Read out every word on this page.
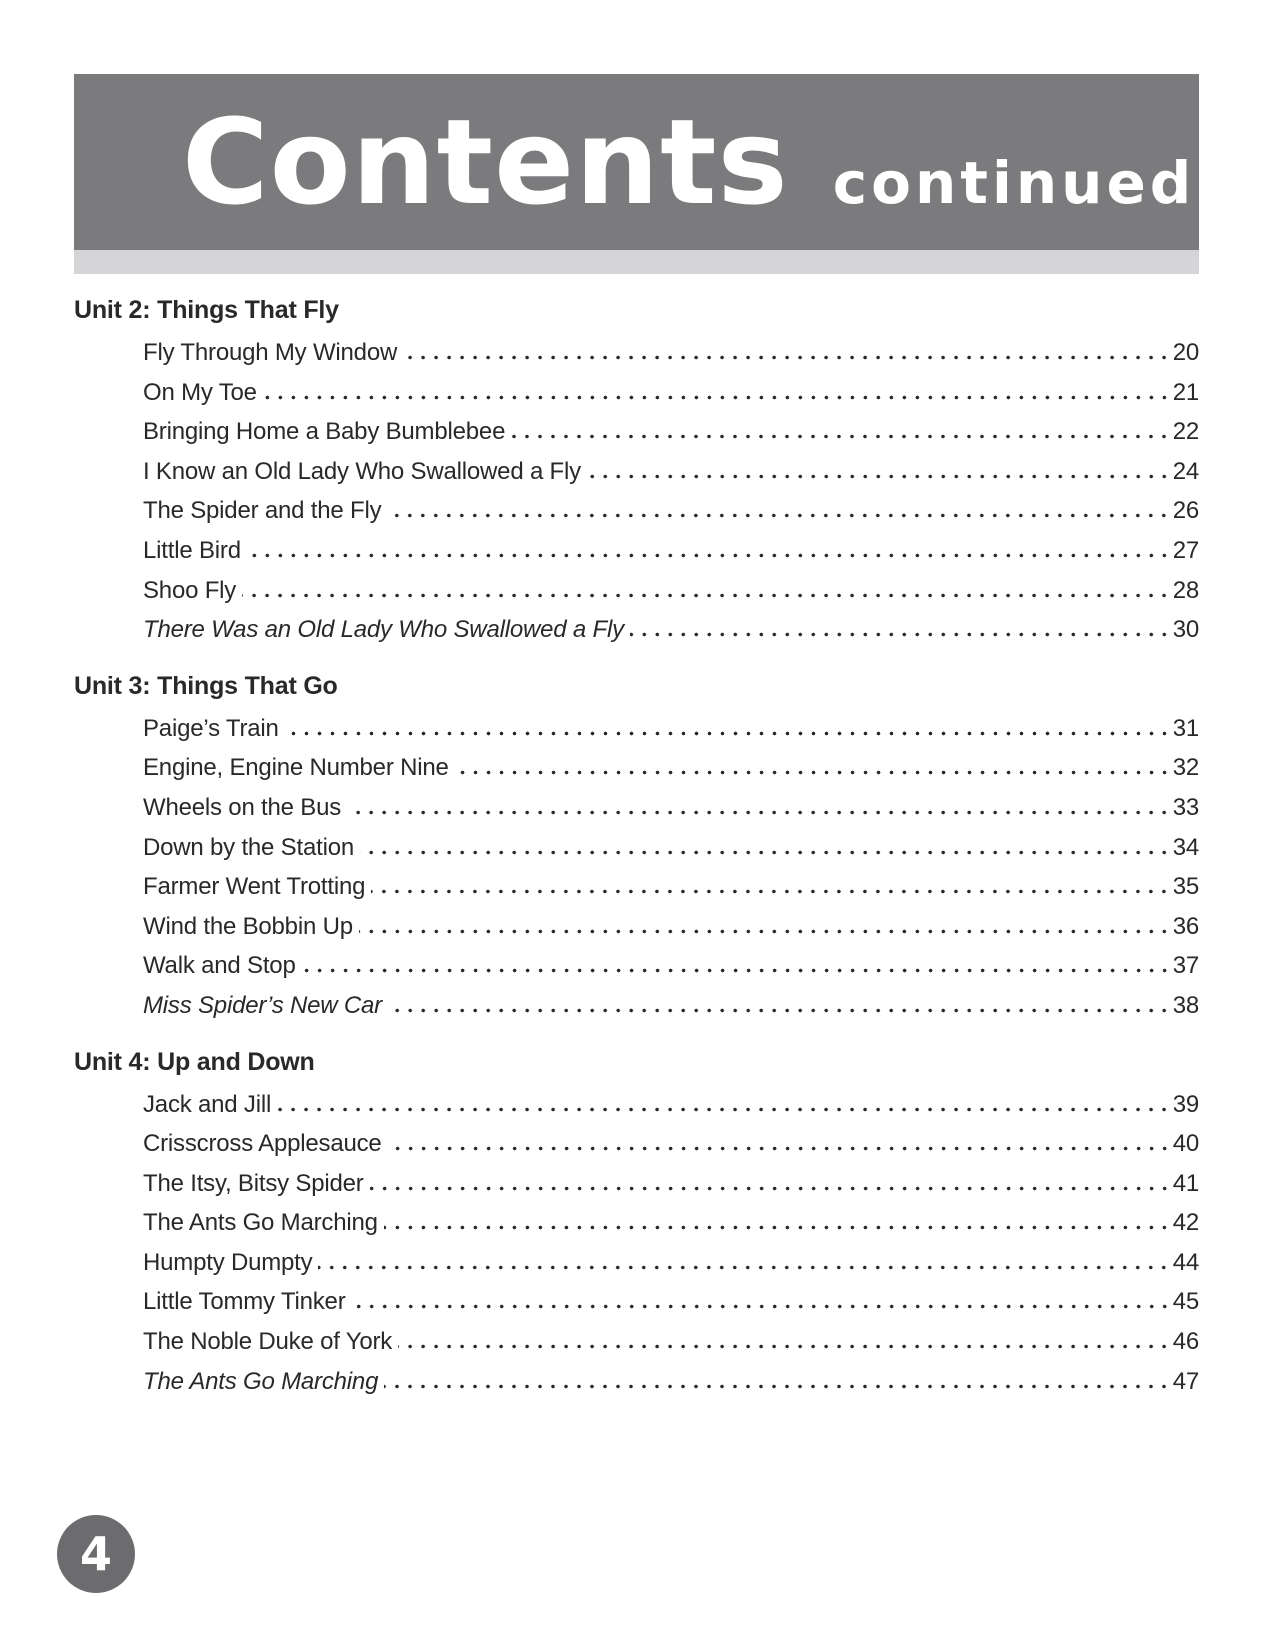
Contents continued
Unit 2: Things That Fly
Fly Through My Window	20
On My Toe	21
Bringing Home a Baby Bumblebee	22
I Know an Old Lady Who Swallowed a Fly	24
The Spider and the Fly	26
Little Bird	27
Shoo Fly	28
There Was an Old Lady Who Swallowed a Fly	30
Unit 3: Things That Go
Paige’s Train	31
Engine, Engine Number Nine	32
Wheels on the Bus	33
Down by the Station	34
Farmer Went Trotting	35
Wind the Bobbin Up	36
Walk and Stop	37
Miss Spider’s New Car	38
Unit 4: Up and Down
Jack and Jill	39
Crisscross Applesauce	40
The Itsy, Bitsy Spider	41
The Ants Go Marching	42
Humpty Dumpty	44
Little Tommy Tinker	45
The Noble Duke of York	46
The Ants Go Marching	47
4
